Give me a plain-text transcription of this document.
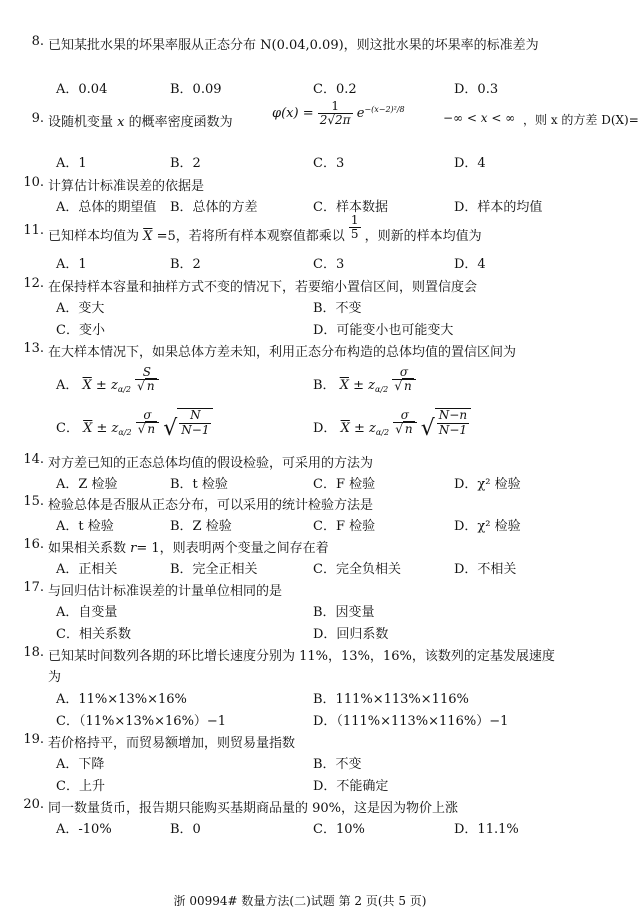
8. 已知某批水果的坏果率服从正态分布 N(0.04,0.09)，则这批水果的坏果率的标准差为
A．0.04	B．0.09	C．0.2	D．0.3
9. 设随机变量 x 的概率密度函数为
$\varphi(x) = \frac{1}{2√2\pi} e^{-(x-2)^2/8}$
−∞ < x < ∞ ，则 x 的方差 D(X)=
A．1	B．2	C．3	D．4
10. 计算估计标准误差的依据是
A．总体的期望值 B．总体的方差	C．样本数据	D．样本的均值
11. 已知样本均值为 $\overline{X} =5$，若将所有样本观察值都乘以 $\frac{1}{5}$ ，则新的样本均值为
A．1	B．2	C．3	D．4
12. 在保持样本容量和抽样方式不变的情况下，若要缩小置信区间，则置信度会
A．变大	B．不变
C．变小	D．可能变小也可能变大
13. 在大样本情况下，如果总体方差未知，利用正态分布构造的总体均值的置信区间为
A． $\overline{X} \pm z_{\alpha/2} \frac{S}{√ n}$	B． $\overline{X} \pm z_{\alpha/2} \frac{\sigma}{√ n}$
C． $\overline{X} \pm z_{\alpha/2} \frac{\sigma}{√ n}$ √ $\frac{N}{N-1}$	D． $\overline{X} \pm z_{\alpha/2} \frac{\sigma}{√ n}$ √ $\frac{N-n}{N-1}$
14. 对方差已知的正态总体均值的假设检验，可采用的方法为
A．Z 检验	B．t 检验	C．F 检验	D．χ² 检验
15. 检验总体是否服从正态分布，可以采用的统计检验方法是
A．t 检验	B．Z 检验	C．F 检验	D．χ² 检验
16. 如果相关系数 r= 1，则表明两个变量之间存在着
A．正相关	B．完全正相关	C．完全负相关	D．不相关
17. 与回归估计标准误差的计量单位相同的是
A．自变量	B．因变量
C．相关系数	D．回归系数
18. 已知某时间数列各期的环比增长速度分别为 11%，13%，16%，该数列的定基发展速度
为
A．11%×13%×16%	B．111%×113%×116%
C．（11%×13%×16%）−1	D．（111%×113%×116%）−1
19. 若价格持平，而贸易额增加，则贸易量指数
A．下降	B．不变
C．上升	D．不能确定
20. 同一数量货币，报告期只能购买基期商品量的 90%，这是因为物价上涨
A．-10%	B．0	C．10%	D．11.1%
浙 00994# 数量方法(二)试题 第 2 页(共 5 页)
